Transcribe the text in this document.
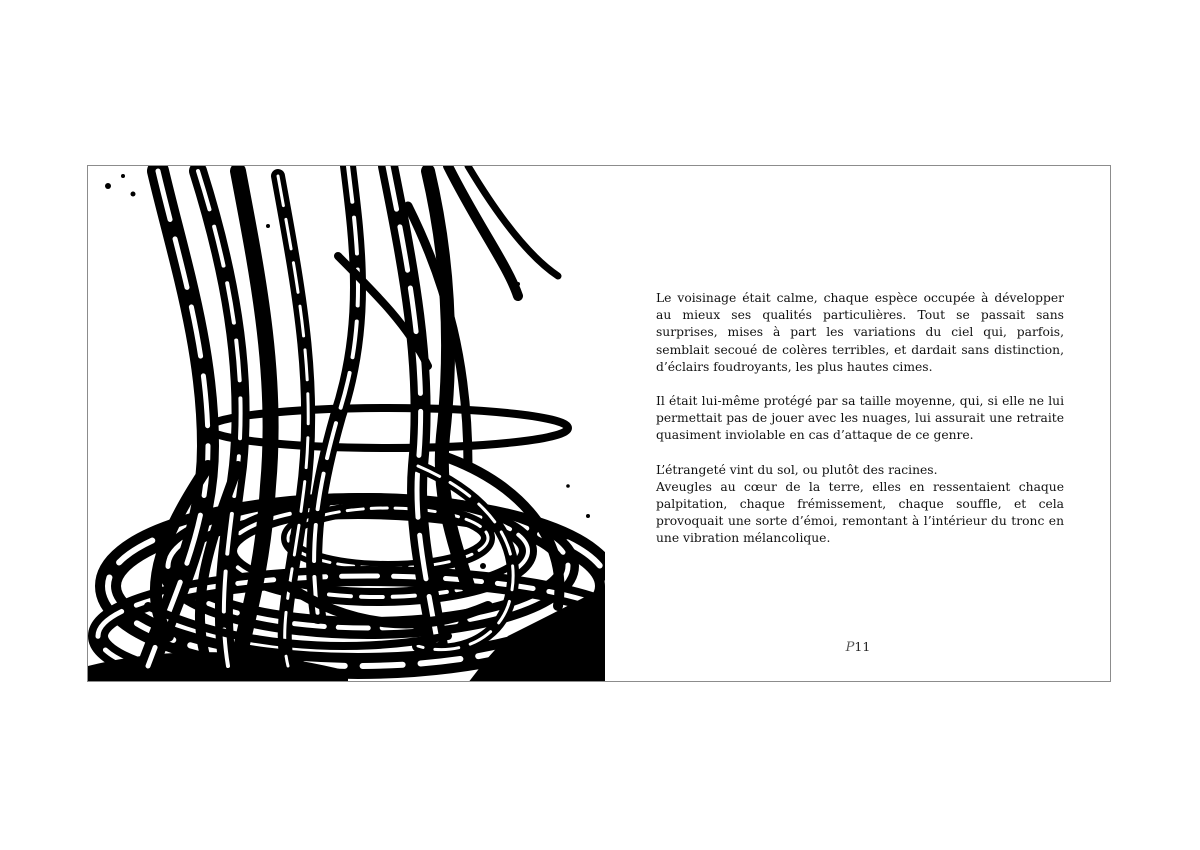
Le voisinage était calme, chaque espèce occupée à développer au mieux ses qualités particulières. Tout se passait sans surprises, mises à part les variations du ciel qui, parfois, semblait secoué de colères terribles, et dardait sans distinction, d’éclairs foudroyants, les plus hautes cimes.

Il était lui-même protégé par sa taille moyenne, qui, si elle ne lui permettait pas de jouer avec les nuages, lui assurait une retraite quasiment inviolable en cas d’attaque de ce genre.

L’étrangeté vint du sol, ou plutôt des racines.

Aveugles au cœur de la terre, elles en ressentaient chaque palpitation, chaque frémissement, chaque souffle, et cela provoquait une sorte d’émoi, remontant à l’intérieur du tronc en une vibration mélancolique.

P11
